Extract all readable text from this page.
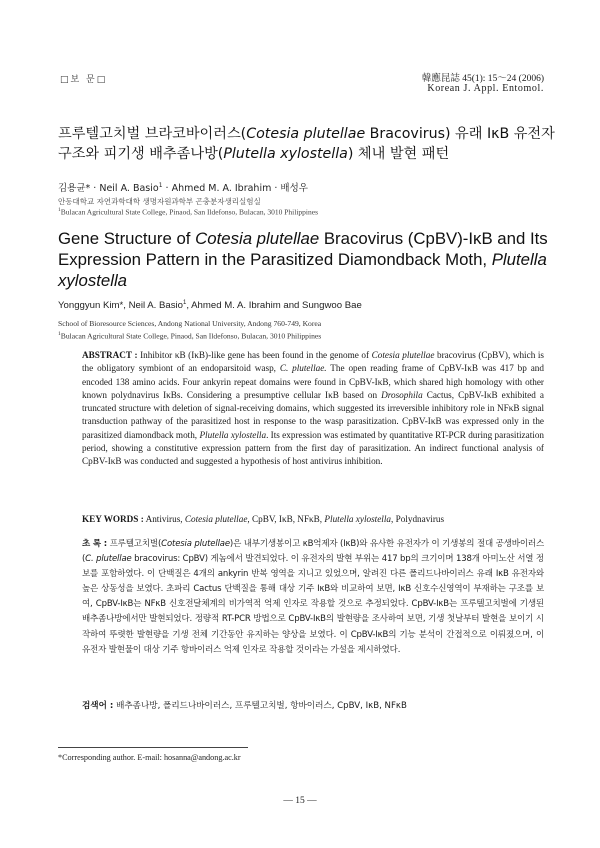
□보 문□	韓應昆誌 45(1): 15～24 (2006)
Korean J. Appl. Entomol.
프루텔고치벌 브라코바이러스(Cotesia plutellae Bracovirus) 유래 IκB 유전자
구조와 피기생 배추좀나방(Plutella xylostella) 체내 발현 패턴
김용균* · Neil A. Basio$^1$ · Ahmed M. A. Ibrahim · 배성우
안동대학교 자연과학대학 생명자원과학부 곤충분자생리실험실
$^1$Bulacan Agricultural State College, Pinaod, San Ildefonso, Bulacan, 3010 Philippines
Gene Structure of Cotesia plutellae Bracovirus (CpBV)-IκB and Its Expression Pattern in the Parasitized Diamondback Moth, Plutella xylostella
Yonggyun Kim*, Neil A. Basio$^1$, Ahmed M. A. Ibrahim and Sungwoo Bae
School of Bioresource Sciences, Andong National University, Andong 760-749, Korea
$^1$Bulacan Agricultural State College, Pinaod, San Ildefonso, Bulacan, 3010 Philippines
ABSTRACT : Inhibitor κB (IκB)-like gene has been found in the genome of Cotesia plutellae bracovirus (CpBV), which is the obligatory symbiont of an endoparsitoid wasp, C. plutellae. The open reading frame of CpBV-IκB was 417 bp and encoded 138 amino acids. Four ankyrin repeat domains were found in CpBV-IκB, which shared high homology with other known polydnavirus IκBs. Considering a presumptive cellular IκB based on Drosophila Cactus, CpBV-IκB exhibited a truncated structure with deletion of signal-receiving domains, which suggested its irreversible inhibitory role in NFκB signal transduction pathway of the parasitized host in response to the wasp parasitization. CpBV-IκB was expressed only in the parasitized diamondback moth, Plutella xylostella. Its expression was estimated by quantitative RT-PCR during parasitization period, showing a constitutive expression pattern from the first day of parasitization. An indirect functional analysis of CpBV-IκB was conducted and suggested a hypothesis of host antivirus inhibition.
KEY WORDS : Antivirus, Cotesia plutellae, CpBV, IκB, NFκB, Plutella xylostella, Polydnavirus
초 록 : 프루텔고치벌(Cotesia plutellae)은 내부기생봉이고 κB억제자 (IκB)와 유사한 유전자가 이 기생봉의 절대 공생바이러스(C. plutellae bracovirus: CpBV) 게놈에서 발견되었다. 이 유전자의 발현 부위는 417 bp의 크기이며 138개 아미노산 서열 정보를 포함하였다. 이 단백질은 4개의 ankyrin 반복 영역을 지니고 있었으며, 알려진 다른 폴리드나바이러스 유래 IκB 유전자와 높은 상동성을 보였다. 초파리 Cactus 단백질을 통해 대상 기주 IκB와 비교하여 보면, IκB 신호수신영역이 부재하는 구조를 보여, CpBV-IκB는 NFκB 신호전달체계의 비가역적 억제 인자로 작용할 것으로 추정되었다. CpBV-IκB는 프루텔고치벌에 기생된 배추좀나방에서만 발현되었다. 정량적 RT-PCR 방법으로 CpBV-IκB의 발현량을 조사하여 보면, 기생 첫날부터 발현을 보이기 시작하여 뚜렷한 발현량을 기생 전체 기간동안 유지하는 양상을 보였다. 이 CpBV-IκB의 기능 분석이 간접적으로 이뤄졌으며, 이 유전자 발현물이 대상 기주 항바이러스 억제 인자로 작용할 것이라는 가설을 제시하였다.
검색어 : 배추좀나방, 폴리드나바이러스, 프루텔고치벌, 항바이러스, CpBV, IκB, NFκB
*Corresponding author. E-mail: hosanna@andong.ac.kr
— 15 —
